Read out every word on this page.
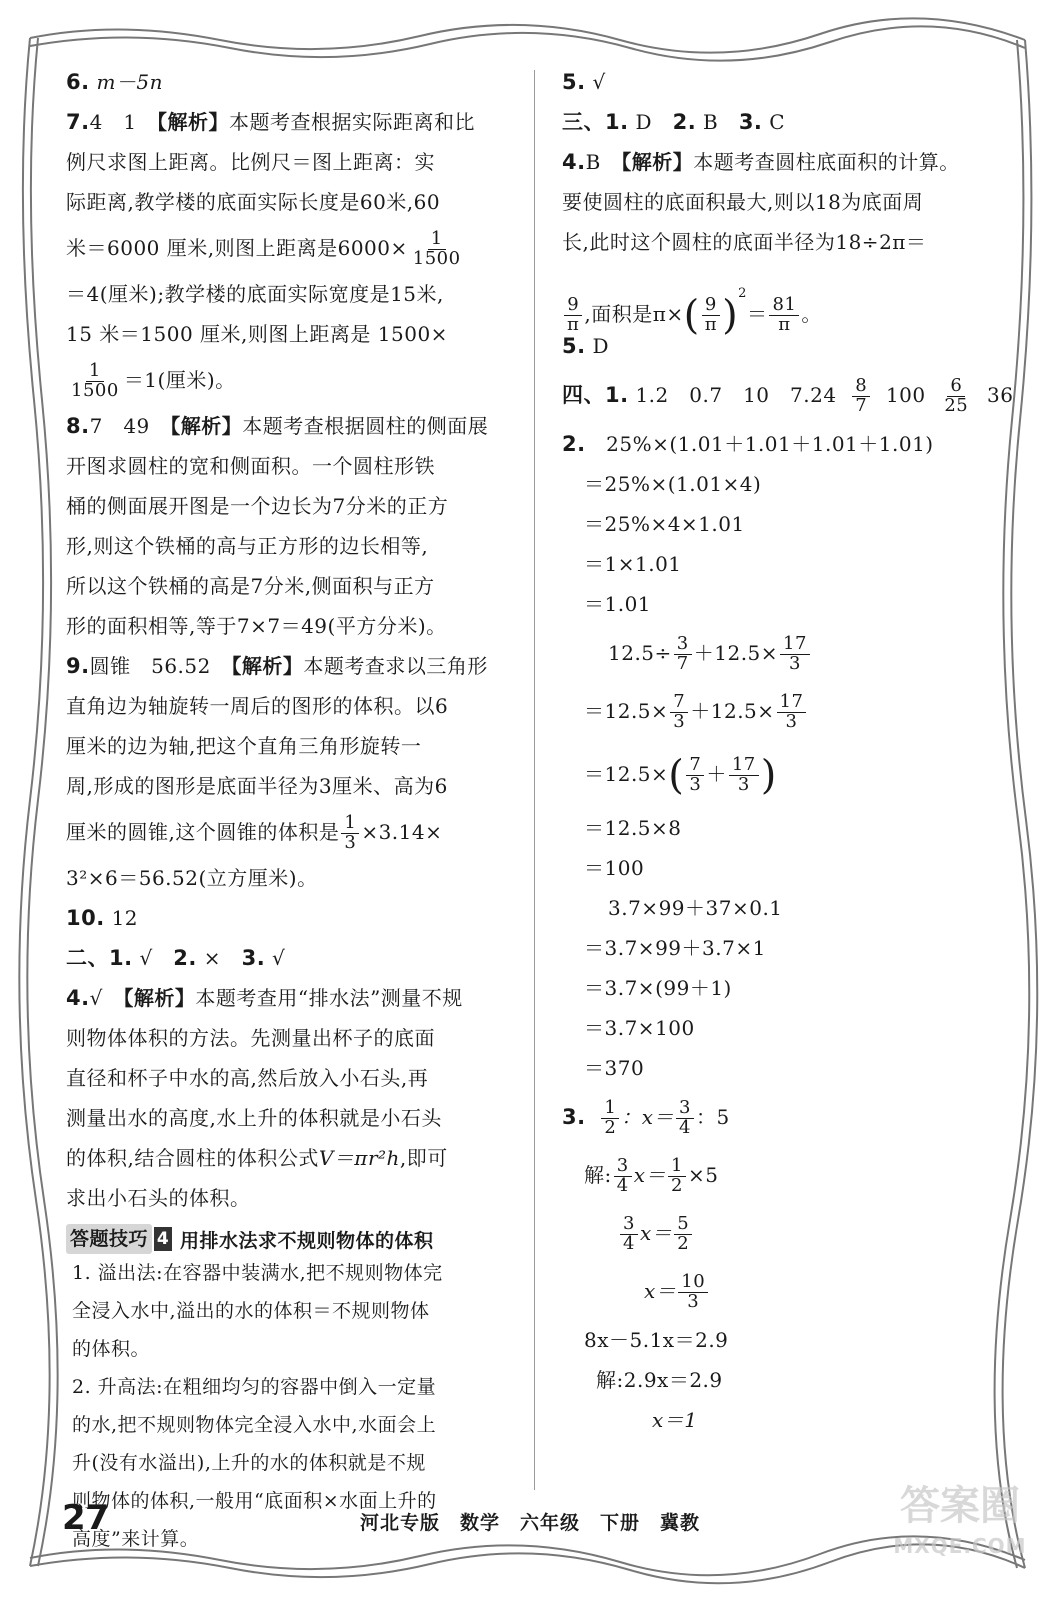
6. m－5n
7.4　1　【解析】本题考查根据实际距离和比
例尺求图上距离。比例尺＝图上距离：实
际距离,教学楼的底面实际长度是60米,60
米＝6000 厘米,则图上距离是$6000\times \frac{1}{1500}$
＝4(厘米);教学楼的底面实际宽度是15米,
15 米＝1500 厘米,则图上距离是 1500×
$\frac{1}{1500} =1$(厘米)。
8.7　49　【解析】本题考查根据圆柱的侧面展
开图求圆柱的宽和侧面积。一个圆柱形铁
桶的侧面展开图是一个边长为7分米的正方
形,则这个铁桶的高与正方形的边长相等,
所以这个铁桶的高是7分米,侧面积与正方
形的面积相等,等于7×7＝49(平方分米)。
9.圆锥　56.52　【解析】本题考查求以三角形
直角边为轴旋转一周后的图形的体积。以6
厘米的边为轴,把这个直角三角形旋转一
周,形成的图形是底面半径为3厘米、高为6
厘米的圆锥,这个圆锥的体积是 $\frac{1}{3} \times 3.14\times$
3²×6＝56.52(立方厘米)。
10. 12
二、1. √ 2. × 3. √
4.√　【解析】本题考查用“排水法”测量不规
则物体体积的方法。先测量出杯子的底面
直径和杯子中水的高,然后放入小石头,再
测量出水的高度,水上升的体积就是小石头
的体积,结合圆柱的体积公式V＝πr²h,即可
求出小石头的体积。
答题技巧 4 用排水法求不规则物体的体积
1. 溢出法:在容器中装满水,把不规则物体完
全浸入水中,溢出的水的体积＝不规则物体
的体积。
2. 升高法:在粗细均匀的容器中倒入一定量
的水,把不规则物体完全浸入水中,水面会上
升(没有水溢出),上升的水的体积就是不规
则物体的体积,一般用“底面积×水面上升的
高度”来计算。
5. √
三、1. D 2. B 3. C
4.B　【解析】本题考查圆柱底面积的计算。
要使圆柱的底面积最大,则以18为底面周
长,此时这个圆柱的底面半径为18÷2π＝
$\frac{9}{\pi}$ ,面积是$\pi\times( \frac{9}{\pi} )^2= \frac{81}{\pi}$ 。
5. D
四、1. 1.2　0.7　10　$7.24 \frac{8}{7} 100 \frac{6}{25} 36$
2. 25%×(1.01＋1.01＋1.01＋1.01)
＝25%×(1.01×4)
＝25%×4×1.01
＝1×1.01
＝1.01
$12.5\div \frac{3}{7} +12.5\times \frac{17}{3}$
$=12.5\times \frac{7}{3} +12.5\times \frac{17}{3}$
$=12.5\times( \frac{7}{3} + \frac{17}{3}$ )
＝12.5×8
＝100
3.7×99＋37×0.1
＝3.7×99＋3.7×1
＝3.7×(99＋1)
＝3.7×100
＝370
3. $\frac{1}{2}$ ：$x= \frac{3}{4}$ ：5
解: $\frac{3}{4} x= \frac{1}{2} \times 5$
$\frac{3}{4} x= \frac{5}{2}$
$x= \frac{10}{3}$
8x－5.1x＝2.9
解:2.9x＝2.9
x＝1
27	河北专版　数学　六年级　下册　冀教	答案圈
MXQE.COM
